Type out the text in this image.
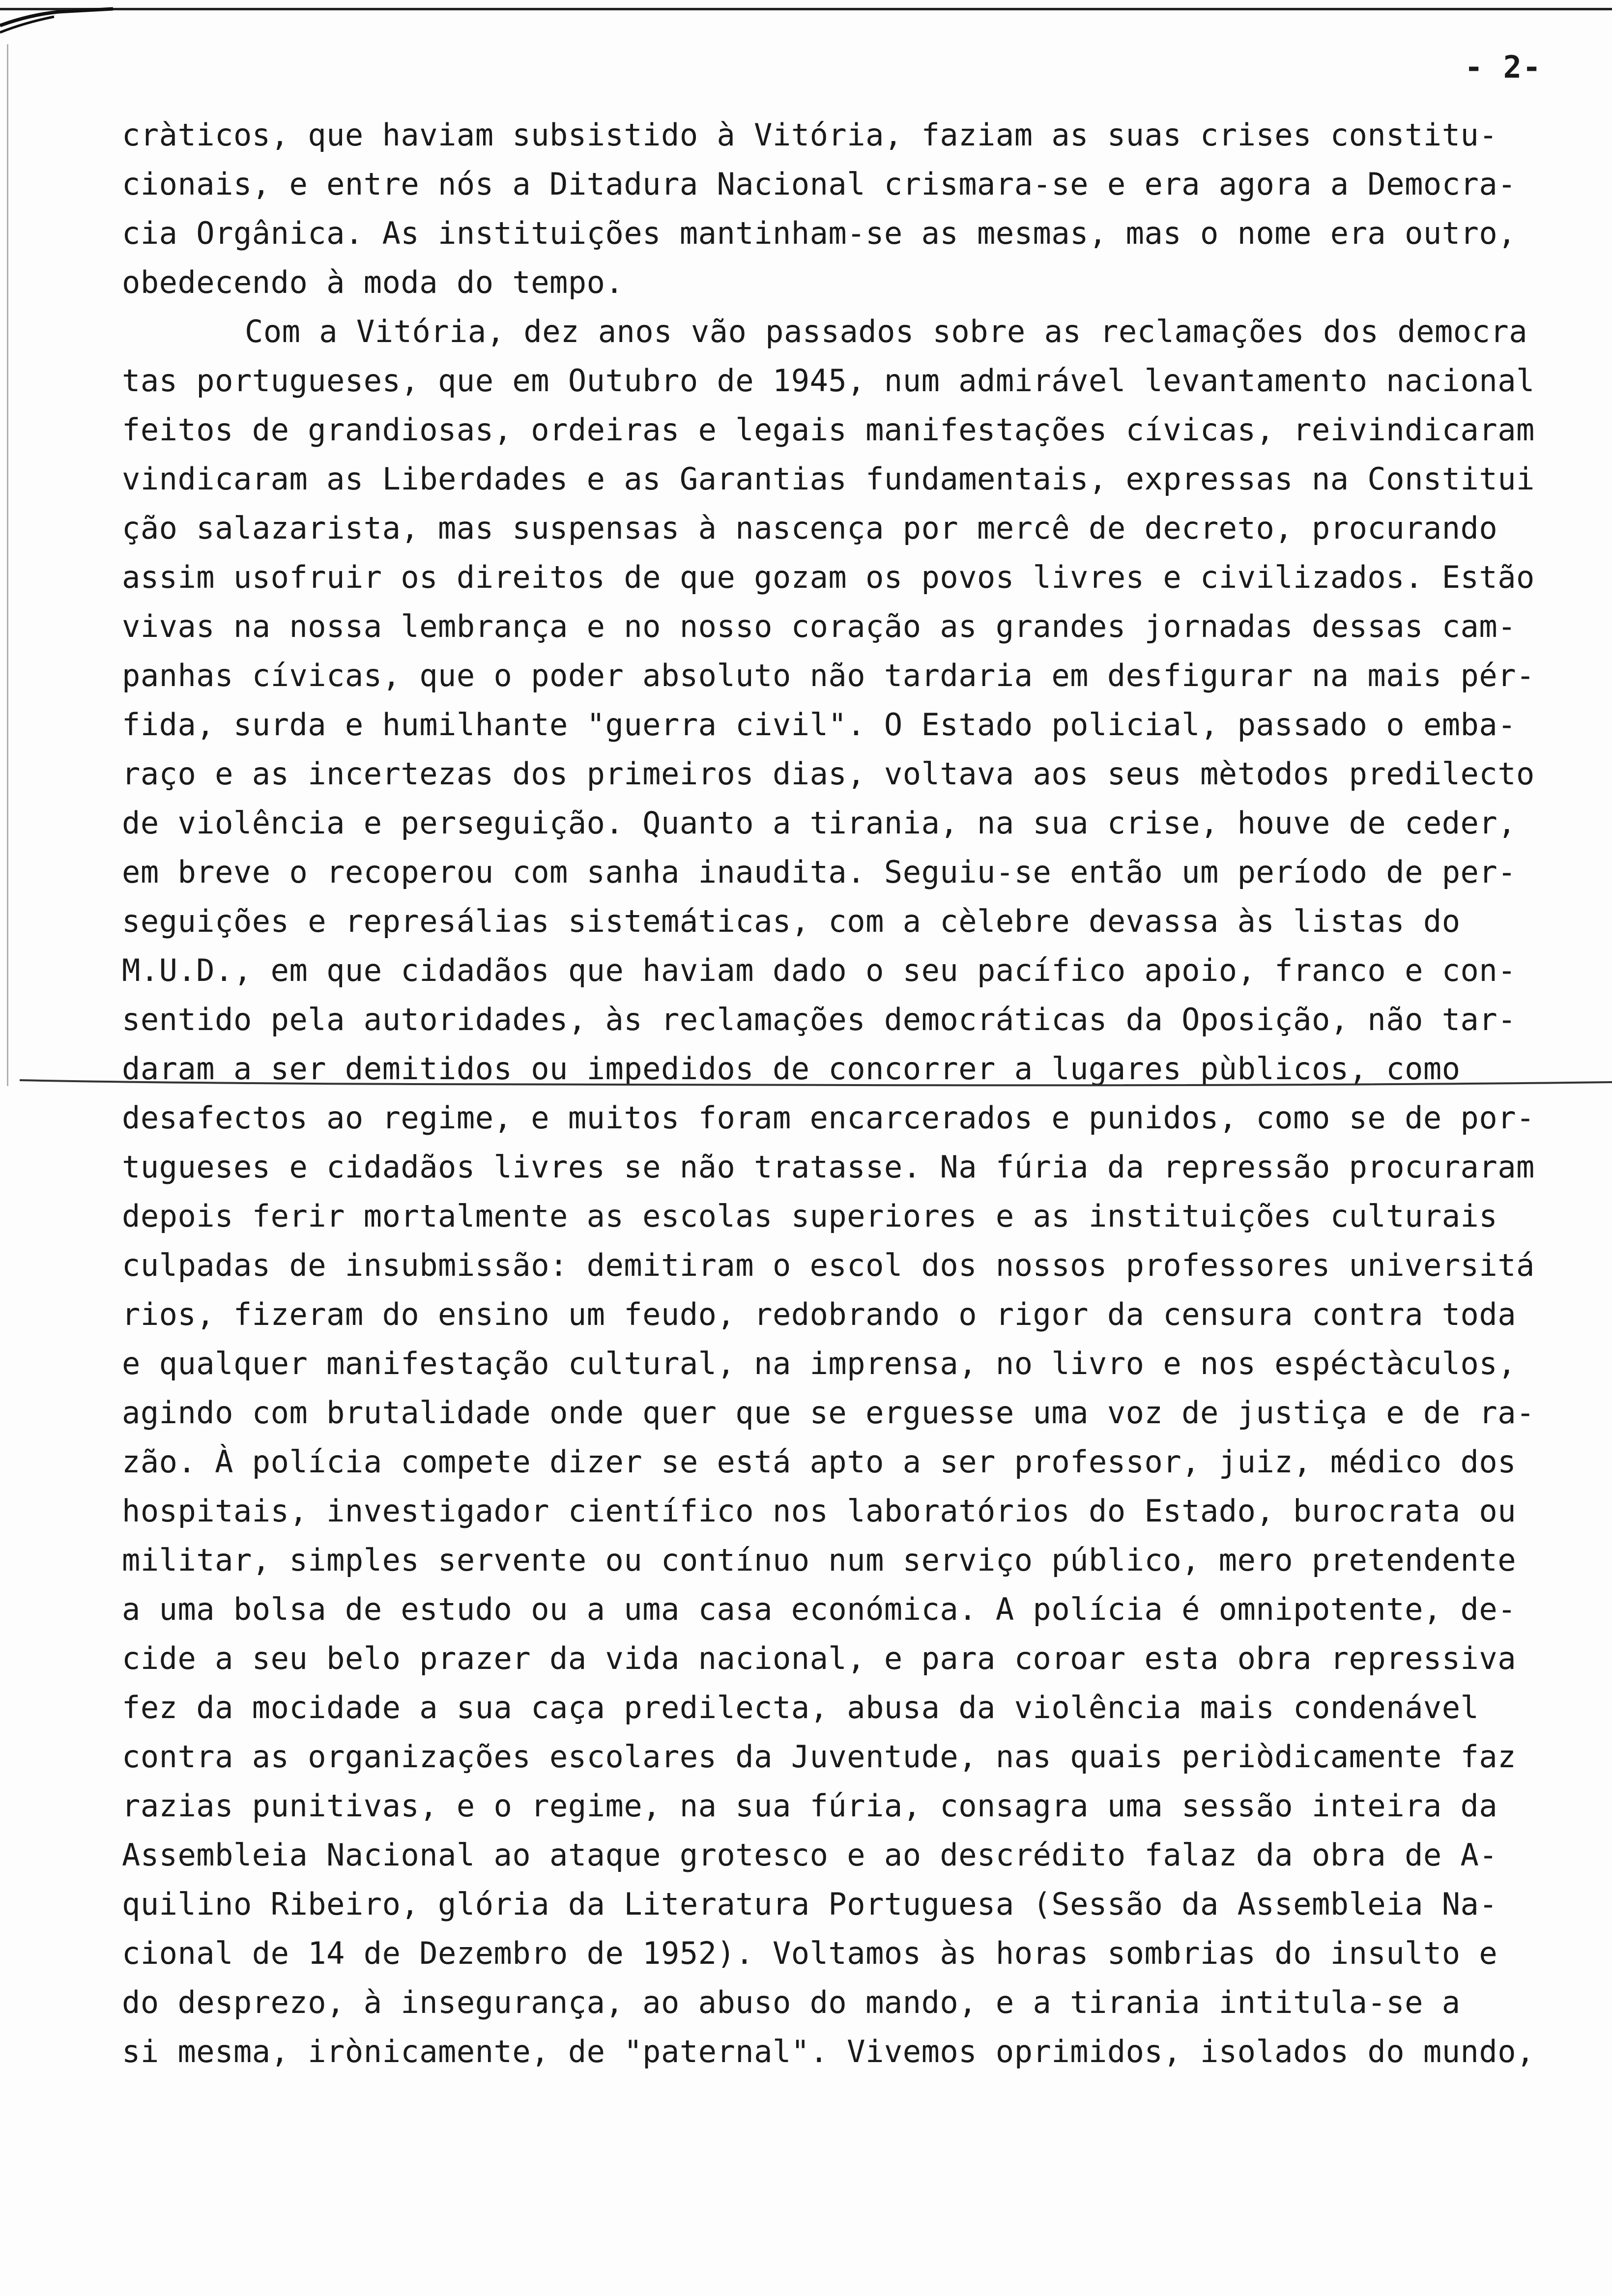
- 2-
cràticos, que haviam subsistido à Vitória, faziam as suas crises constitu-
cionais, e entre nós a Ditadura Nacional crismara-se e era agora a Democra-
cia Orgânica. As instituições mantinham-se as mesmas, mas o nome era outro,
obedecendo à moda do tempo.
Com a Vitória, dez anos vão passados sobre as reclamações dos democra
tas portugueses, que em Outubro de 1945, num admirável levantamento nacional
feitos de grandiosas, ordeiras e legais manifestações cívicas, reivindicaram
vindicaram as Liberdades e as Garantias fundamentais, expressas na Constitui
ção salazarista, mas suspensas à nascença por mercê de decreto, procurando
assim usofruir os direitos de que gozam os povos livres e civilizados. Estão
vivas na nossa lembrança e no nosso coração as grandes jornadas dessas cam-
panhas cívicas, que o poder absoluto não tardaria em desfigurar na mais pér-
fida, surda e humilhante "guerra civil". O Estado policial, passado o emba-
raço e as incertezas dos primeiros dias, voltava aos seus mètodos predilecto
de violência e perseguição. Quanto a tirania, na sua crise, houve de ceder,
em breve o recoperou com sanha inaudita. Seguiu-se então um período de per-
seguições e represálias sistemáticas, com a cèlebre devassa às listas do
M.U.D., em que cidadãos que haviam dado o seu pacífico apoio, franco e con-
sentido pela autoridades, às reclamações democráticas da Oposição, não tar-
daram a ser demitidos ou impedidos de concorrer a lugares pùblicos, como
desafectos ao regime, e muitos foram encarcerados e punidos, como se de por-
tugueses e cidadãos livres se não tratasse. Na fúria da repressão procuraram
depois ferir mortalmente as escolas superiores e as instituições culturais
culpadas de insubmissão: demitiram o escol dos nossos professores universitá
rios, fizeram do ensino um feudo, redobrando o rigor da censura contra toda
e qualquer manifestação cultural, na imprensa, no livro e nos espéctàculos,
agindo com brutalidade onde quer que se erguesse uma voz de justiça e de ra-
zão. À polícia compete dizer se está apto a ser professor, juiz, médico dos
hospitais, investigador científico nos laboratórios do Estado, burocrata ou
militar, simples servente ou contínuo num serviço público, mero pretendente
a uma bolsa de estudo ou a uma casa económica. A polícia é omnipotente, de-
cide a seu belo prazer da vida nacional, e para coroar esta obra repressiva
fez da mocidade a sua caça predilecta, abusa da violência mais condenável
contra as organizações escolares da Juventude, nas quais periòdicamente faz
razias punitivas, e o regime, na sua fúria, consagra uma sessão inteira da
Assembleia Nacional ao ataque grotesco e ao descrédito falaz da obra de A-
quilino Ribeiro, glória da Literatura Portuguesa (Sessão da Assembleia Na-
cional de 14 de Dezembro de 1952). Voltamos às horas sombrias do insulto e
do desprezo, à insegurança, ao abuso do mando, e a tirania intitula-se a
si mesma, irònicamente, de "paternal". Vivemos oprimidos, isolados do mundo,
